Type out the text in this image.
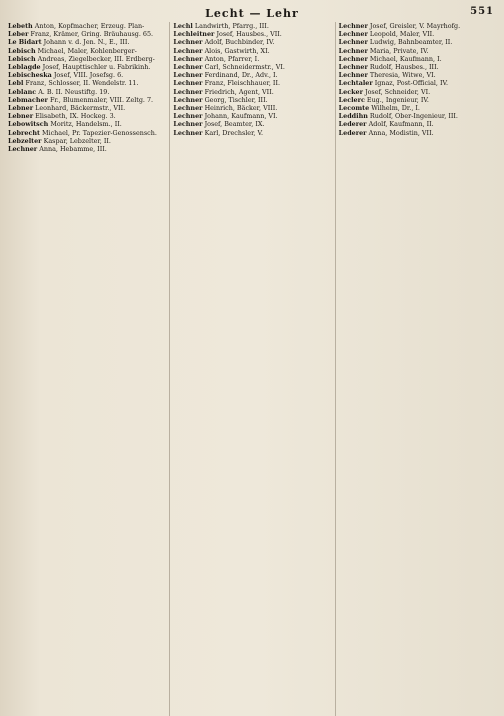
Lecht — Lehr	551

Lebeth Anton, Kopfmacher, Erzeug. Plan-

Leber Franz, Krämer, Gring. Bräuhausg. 65.

Le Bidart Johann v. d. Jen. N., E., III.

Lebisch Michael, Maler, Kohlenberger-

Lebisch Andreas, Ziegelbecker, III. Erdberg-

Leblagde Josef, Haupttischler u. Fabrikinh.

Lebischeska Josef, VIII. Josefsg. 6.

Lebl Franz, Schlosser, II. Wendelstr. 11.

Leblanc A. B. II. Neustiftg. 19.

Lebmacher Fr., Blumenmaler, VIII. Zeltg. 7.

Lebner Leonhard, Bäckermstr., VII.

Lebner Elisabeth, IX. Hockeg. 3.

Lebowitsch Moritz, Handelsm., II.

Lebrecht Michael, Pr. Tapezier-Genossensch.

Lebzelter Kaspar, Lebzelter, II.

Lechner Anna, Hebamme, III.

Lechl Landwirth, Pfarrg., III.

Lechleitner Josef, Hausbes., VII.

Lechner Adolf, Buchbinder, IV.

Lechner Alois, Gastwirth, XI.

Lechner Anton, Pfarrer, I.

Lechner Carl, Schneidermstr., VI.

Lechner Ferdinand, Dr., Adv., I.

Lechner Franz, Fleischhauer, II.

Lechner Friedrich, Agent, VII.

Lechner Georg, Tischler, III.

Lechner Heinrich, Bäcker, VIII.

Lechner Johann, Kaufmann, VI.

Lechner Josef, Beamter, IX.

Lechner Karl, Drechsler, V.

Lechner Josef, Greisler, V. Mayrhofg.

Lechner Leopold, Maler, VII.

Lechner Ludwig, Bahnbeamter, II.

Lechner Maria, Private, IV.

Lechner Michael, Kaufmann, I.

Lechner Rudolf, Hausbes., III.

Lechner Theresia, Witwe, VI.

Lechtaler Ignaz, Post-Official, IV.

Lecker Josef, Schneider, VI.

Leclerc Eug., Ingenieur, IV.

Lecomte Wilhelm, Dr., I.

Leddihn Rudolf, Ober-Ingenieur, III.

Lederer Adolf, Kaufmann, II.

Lederer Anna, Modistin, VII.
